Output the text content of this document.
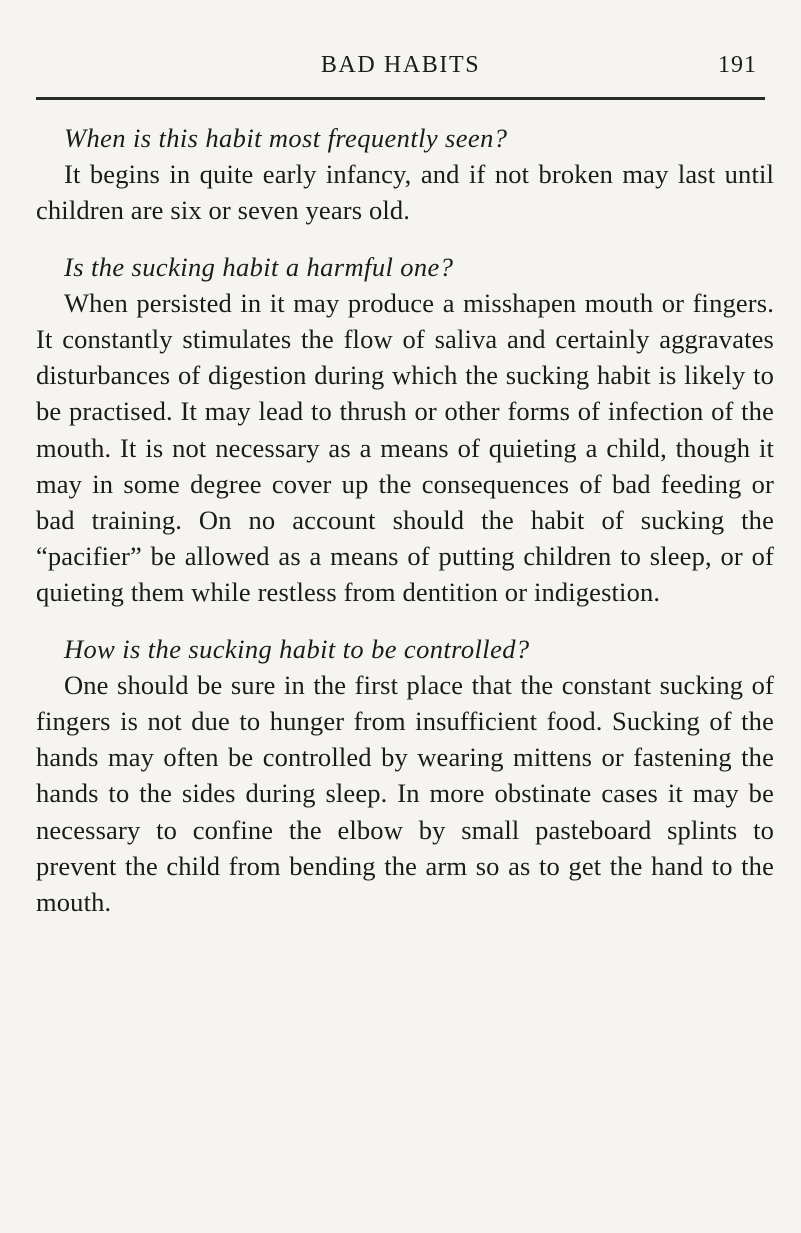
BAD HABITS	191
When is this habit most frequently seen?
It begins in quite early infancy, and if not broken may last until children are six or seven years old.
Is the sucking habit a harmful one?
When persisted in it may produce a misshapen mouth or fingers. It constantly stimulates the flow of saliva and certainly aggravates disturbances of digestion during which the sucking habit is likely to be practised. It may lead to thrush or other forms of infection of the mouth. It is not necessary as a means of quieting a child, though it may in some degree cover up the consequences of bad feeding or bad training. On no account should the habit of sucking the “pacifier” be allowed as a means of putting children to sleep, or of quieting them while restless from dentition or indigestion.
How is the sucking habit to be controlled?
One should be sure in the first place that the constant sucking of fingers is not due to hunger from insufficient food. Sucking of the hands may often be controlled by wearing mittens or fastening the hands to the sides during sleep. In more obstinate cases it may be necessary to confine the elbow by small pasteboard splints to prevent the child from bending the arm so as to get the hand to the mouth.
